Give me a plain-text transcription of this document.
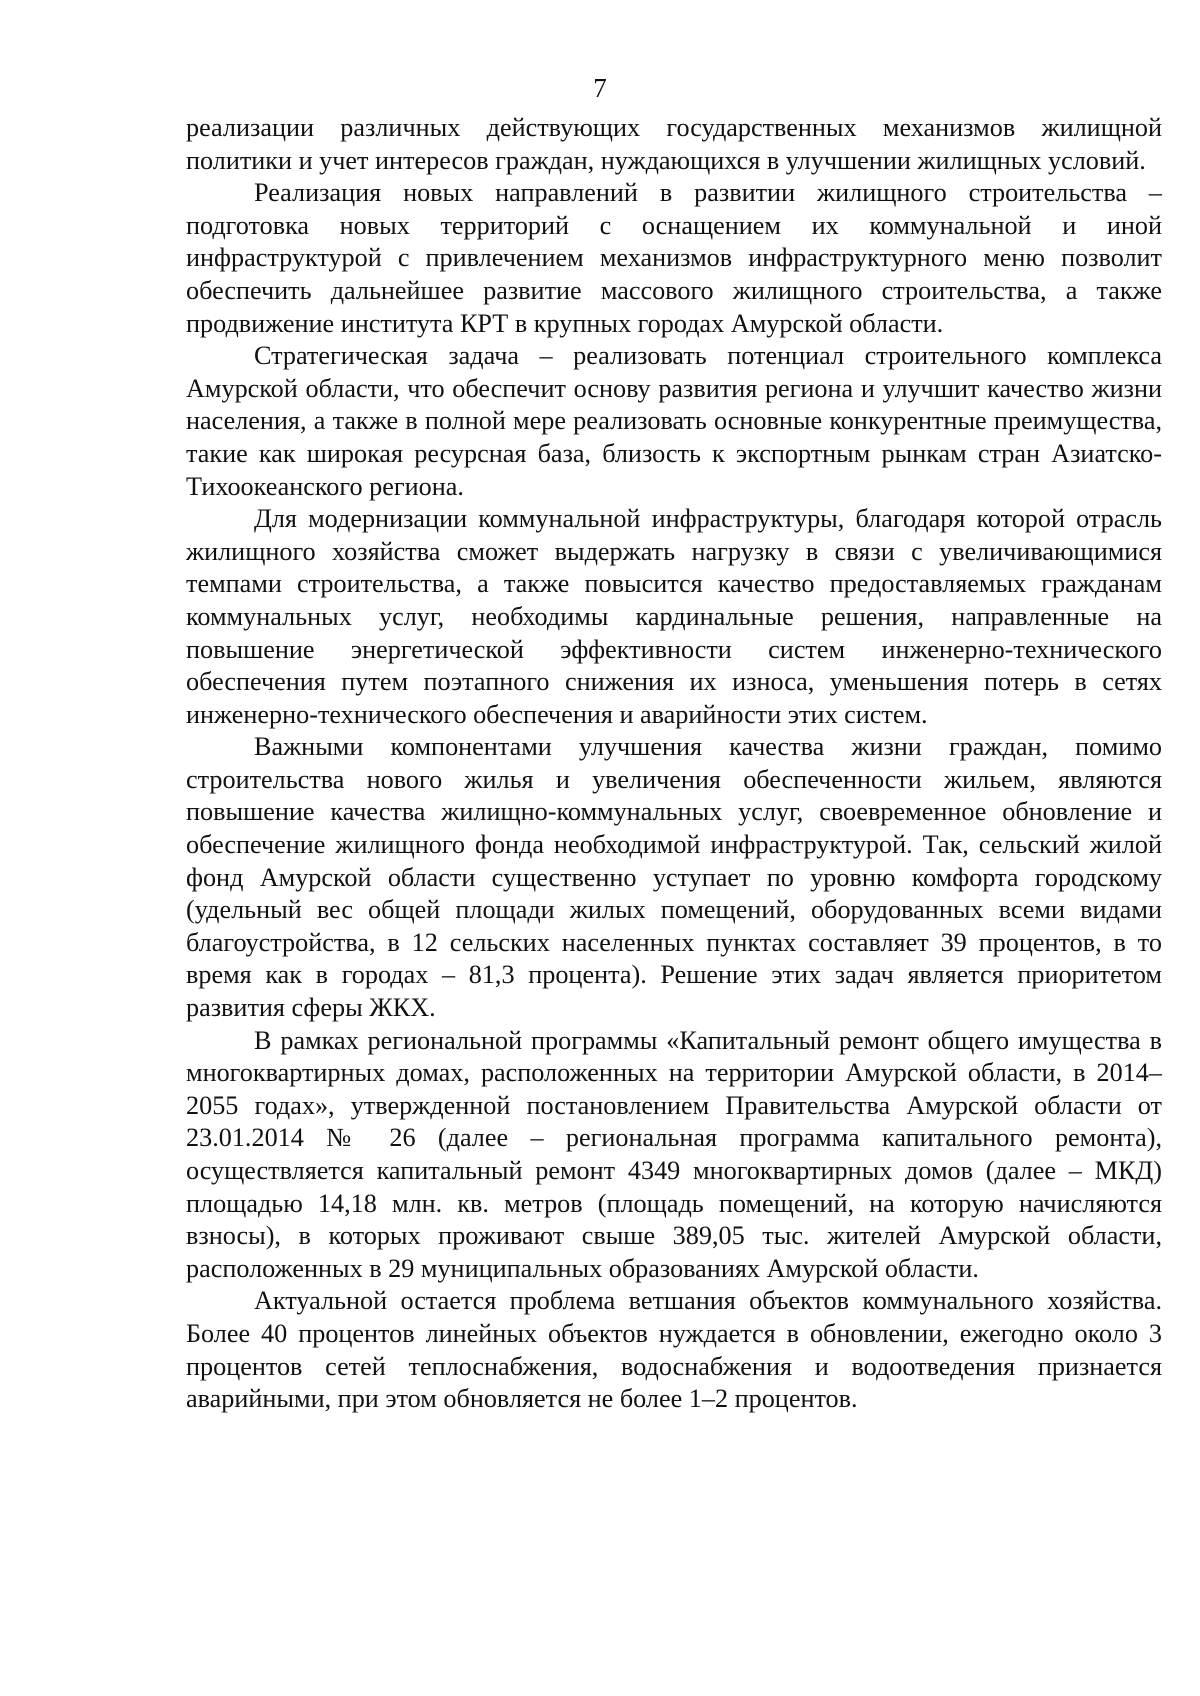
7

реализации различных действующих государственных механизмов жилищной политики и учет интересов граждан, нуждающихся в улучшении жилищных условий.

Реализация новых направлений в развитии жилищного строительства – подготовка новых территорий с оснащением их коммунальной и иной инфраструктурой с привлечением механизмов инфраструктурного меню позволит обеспечить дальнейшее развитие массового жилищного строительства, а также продвижение института КРТ в крупных городах Амурской области.

Стратегическая задача – реализовать потенциал строительного комплекса Амурской области, что обеспечит основу развития региона и улучшит качество жизни населения, а также в полной мере реализовать основные конкурентные преимущества, такие как широкая ресурсная база, близость к экспортным рынкам стран Азиатско-Тихоокеанского региона.

Для модернизации коммунальной инфраструктуры, благодаря которой отрасль жилищного хозяйства сможет выдержать нагрузку в связи с увеличивающимися темпами строительства, а также повысится качество предоставляемых гражданам коммунальных услуг, необходимы кардинальные решения, направленные на повышение энергетической эффективности систем инженерно-технического обеспечения путем поэтапного снижения их износа, уменьшения потерь в сетях инженерно-технического обеспечения и аварийности этих систем.

Важными компонентами улучшения качества жизни граждан, помимо строительства нового жилья и увеличения обеспеченности жильем, являются повышение качества жилищно-коммунальных услуг, своевременное обновление и обеспечение жилищного фонда необходимой инфраструктурой. Так, сельский жилой фонд Амурской области существенно уступает по уровню комфорта городскому (удельный вес общей площади жилых помещений, оборудованных всеми видами благоустройства, в 12 сельских населенных пунктах составляет 39 процентов, в то время как в городах – 81,3 процента). Решение этих задач является приоритетом развития сферы ЖКХ.

В рамках региональной программы «Капитальный ремонт общего имущества в многоквартирных домах, расположенных на территории Амурской области, в 2014–2055 годах», утвержденной постановлением Правительства Амурской области от 23.01.2014 № 26 (далее – региональная программа капитального ремонта), осуществляется капитальный ремонт 4349 многоквартирных домов (далее – МКД) площадью 14,18 млн. кв. метров (площадь помещений, на которую начисляются взносы), в которых проживают свыше 389,05 тыс. жителей Амурской области, расположенных в 29 муниципальных образованиях Амурской области.

Актуальной остается проблема ветшания объектов коммунального хозяйства. Более 40 процентов линейных объектов нуждается в обновлении, ежегодно около 3 процентов сетей теплоснабжения, водоснабжения и водоотведения признается аварийными, при этом обновляется не более 1–2 процентов.
